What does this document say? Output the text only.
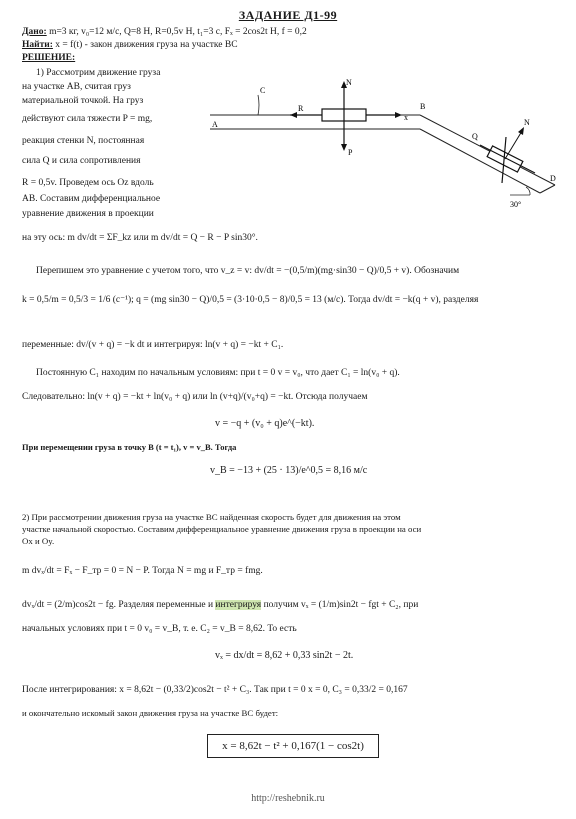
ЗАДАНИЕ Д1-99
Дано: m=3 кг, v₀=12 м/с, Q=8 Н, R=0,5v Н, t₁=3 с, Fₓ = 2cos2t Н, f = 0,2
Найти: x = f(t) - закон движения груза на участке BC
РЕШЕНИЕ:
1) Рассмотрим движение груза
на участке AB, считая груз
материальной точкой. На груз
действуют сила тяжести P = mg,
реакция стенки N, постоянная
сила Q и сила сопротивления
R = 0,5v. Проведем ось Oz вдоль
AB. Составим дифференциальное
уравнение движения в проекции
N
P
R
x
C
A
B
Q
N
D
30°
на эту ось: m dv/dt = ΣF_kz или m dv/dt = Q − R − P sin30°.
Перепишем это уравнение с учетом того, что v_z = v: dv/dt = −(0,5/m)(mg·sin30 − Q)/0,5 + v). Обозначим
k = 0,5/m = 0,5/3 = 1/6 (c⁻¹); q = (mg sin30 − Q)/0,5 = (3·10·0,5 − 8)/0,5 = 13 (м/с). Тогда dv/dt = −k(q + v), разделяя
переменные: dv/(v + q) = −k dt и интегрируя: ln(v + q) = −kt + C₁.
Постоянную C₁ находим по начальным условиям: при t = 0 v = v₀, что дает C₁ = ln(v₀ + q).
Следовательно: ln(v + q) = −kt + ln(v₀ + q) или ln (v+q)/(v₀+q) = −kt. Отсюда получаем
v = −q + (v₀ + q)e^(−kt).
При перемещении груза в точку B (t = t₁), v = v_B. Тогда
v_B = −13 + (25 · 13)/e^0,5 = 8,16 м/с
2) При рассмотрении движения груза на участке BC найденная скорость будет для движения на этом
участке начальной скоростью. Составим дифференциальное уравнение движения груза в проекции на оси
Ox и Oy.
m dvₓ/dt = Fₓ − F_тр = 0 = N − P. Тогда N = mg и F_тр = fmg.
dvₓ/dt = (2/m)cos2t − fg. Разделяя переменные и интегрируя получим vₓ = (1/m)sin2t − fgt + C₂, при
начальных условиях при t = 0 v₀ = v_B, т. е. C₂ = v_B = 8,62. То есть
vₓ = dx/dt = 8,62 + 0,33 sin2t − 2t.
После интегрирования: x = 8,62t − (0,33/2)cos2t − t² + C₃. Так при t = 0 x = 0, C₃ = 0,33/2 = 0,167
и окончательно искомый закон движения груза на участке BC будет:
x = 8,62t − t² + 0,167(1 − cos2t)
http://reshebnik.ru
